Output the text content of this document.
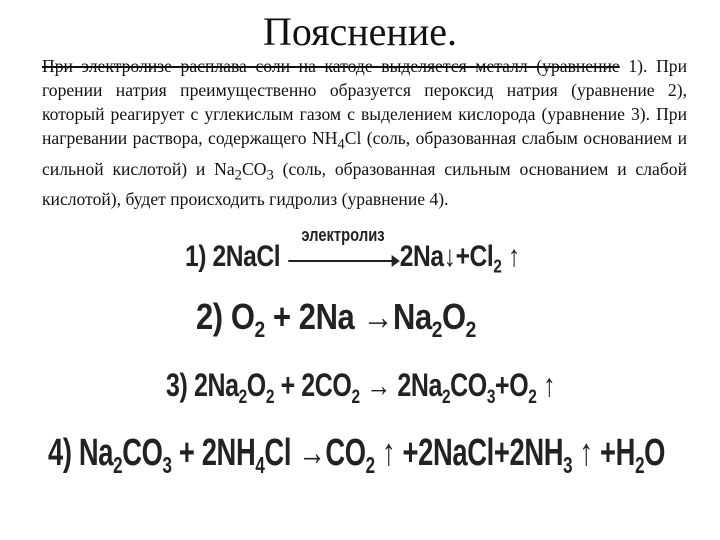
Пояснение.

При электролизе расплава соли на катоде выделяется металл (уравнение 1). При горении натрия преимущественно образуется пероксид натрия (уравнение 2), который реагирует с углекислым газом с выделением кислорода (уравнение 3). При нагревании раствора, содержащего $NH_4Cl$ (соль, образованная слабым основанием и сильной кислотой) и $Na_2CO_3$ (соль, образованная сильным основанием и слабой кислотой), будет происходить гидролиз (уравнение 4).

1) 2NaCl
электролиз
$2Na↓+Cl_2$ ↑
2) $O_2 + 2Na \to Na_2O_2$
3) $2Na_2O_2 + 2CO_2 \to 2Na_2CO_3+O_2$ ↑
4) $Na_2CO_3 + 2NH_4Cl \to CO_2$ ↑ $+2NaCl+2NH_3$ ↑ $+H_2O$
